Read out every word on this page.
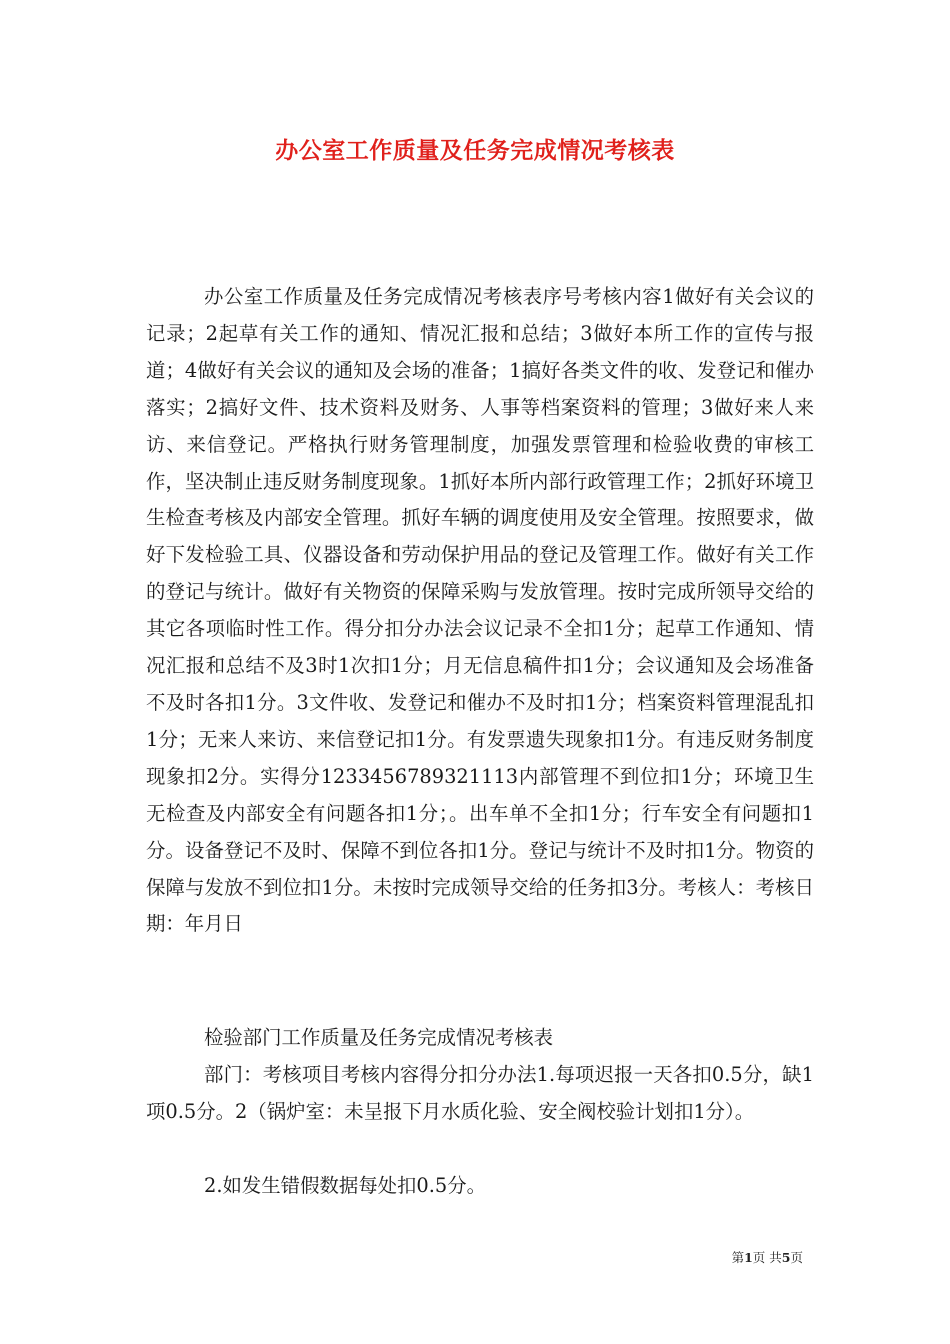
办公室工作质量及任务完成情况考核表

办公室工作质量及任务完成情况考核表序号考核内容1做好有关会议的记录；2起草有关工作的通知、情况汇报和总结；3做好本所工作的宣传与报道；4做好有关会议的通知及会场的准备；1搞好各类文件的收、发登记和催办落实；2搞好文件、技术资料及财务、人事等档案资料的管理；3做好来人来访、来信登记。严格执行财务管理制度，加强发票管理和检验收费的审核工作，坚决制止违反财务制度现象。1抓好本所内部行政管理工作；2抓好环境卫生检查考核及内部安全管理。抓好车辆的调度使用及安全管理。按照要求，做好下发检验工具、仪器设备和劳动保护用品的登记及管理工作。做好有关工作的登记与统计。做好有关物资的保障采购与发放管理。按时完成所领导交给的其它各项临时性工作。得分扣分办法会议记录不全扣1分；起草工作通知、情况汇报和总结不及3时1次扣1分；月无信息稿件扣1分；会议通知及会场准备不及时各扣1分。3文件收、发登记和催办不及时扣1分；档案资料管理混乱扣1分；无来人来访、来信登记扣1分。有发票遗失现象扣1分。有违反财务制度现象扣2分。实得分1233456789321113内部管理不到位扣1分；环境卫生无检查及内部安全有问题各扣1分；。出车单不全扣1分；行车安全有问题扣1分。设备登记不及时、保障不到位各扣1分。登记与统计不及时扣1分。物资的保障与发放不到位扣1分。未按时完成领导交给的任务扣3分。考核人：考核日期：年月日

检验部门工作质量及任务完成情况考核表

部门：考核项目考核内容得分扣分办法1.每项迟报一天各扣0.5分，缺1项0.5分。2（锅炉室：未呈报下月水质化验、安全阀校验计划扣1分）。

2.如发生错假数据每处扣0.5分。

第1页 共5页
